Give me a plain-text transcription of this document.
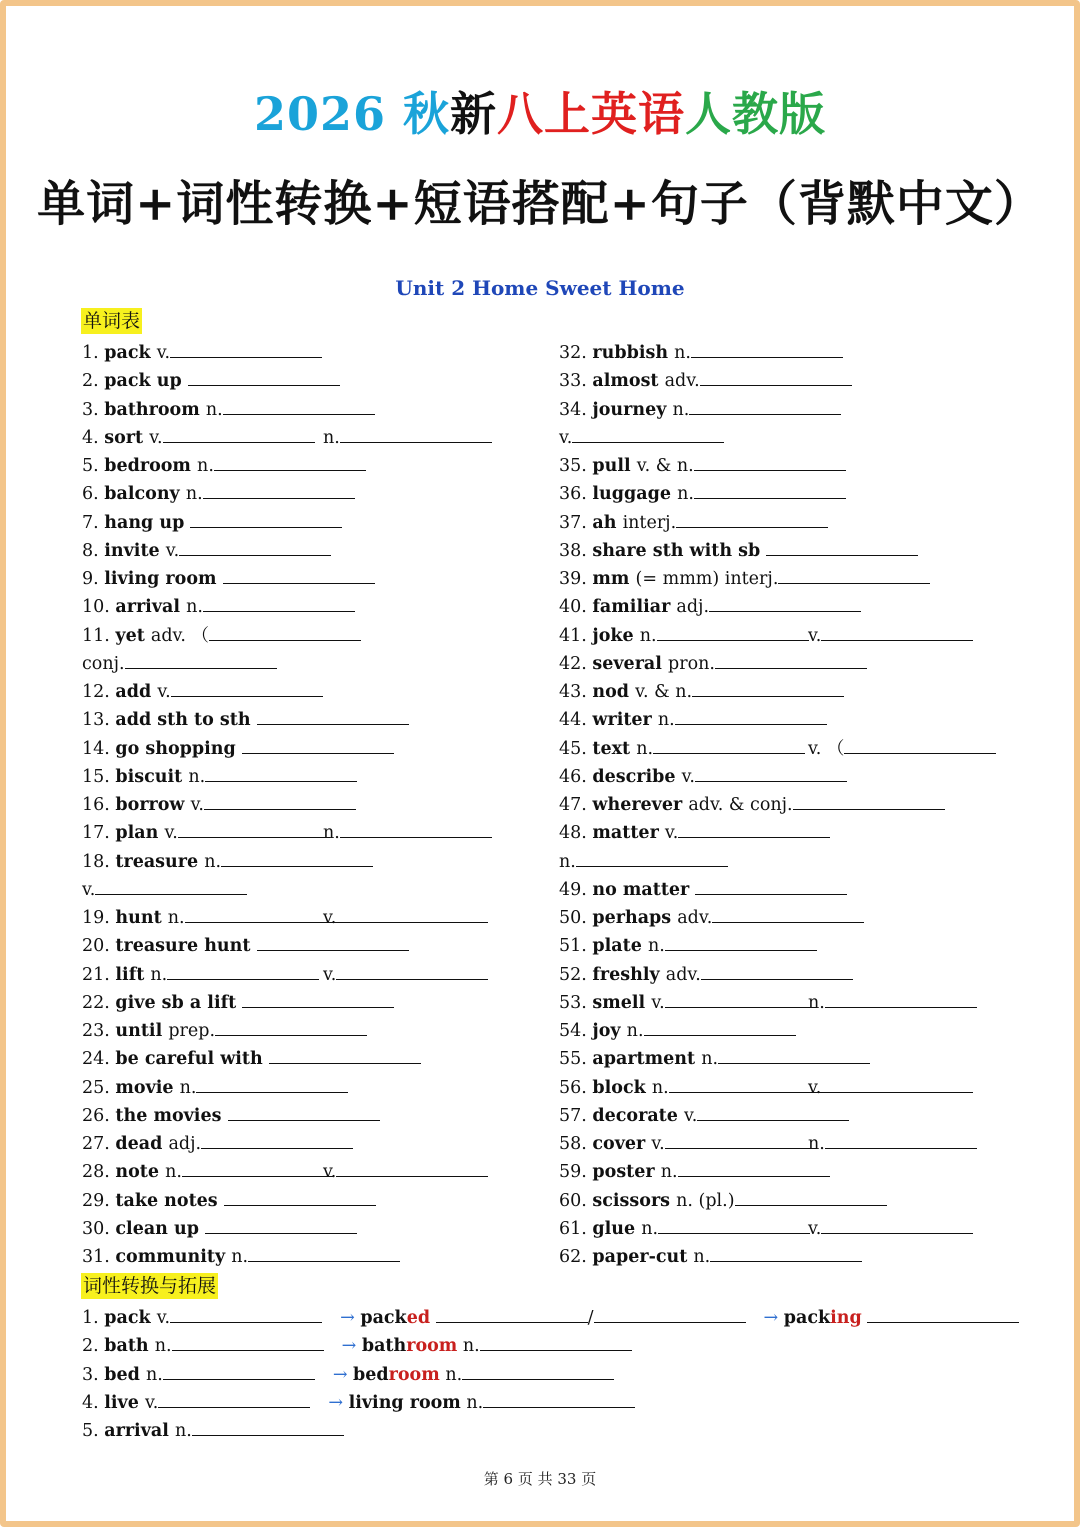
2026 秋新八上英语人教版
单词+词性转换+短语搭配+句子（背默中文）
Unit 2 Home Sweet Home
单词表
1. pack v.
2. pack up
3. bathroom n.
4. sort v.	n.
5. bedroom n.
6. balcony n.
7. hang up
8. invite v.
9. living room
10. arrival n.
11. yet adv. （
conj.
12. add v.
13. add sth to sth
14. go shopping
15. biscuit n.
16. borrow v.
17. plan v.	n.
18. treasure n.
v.
19. hunt n.	v.
20. treasure hunt
21. lift n.	v.
22. give sb a lift
23. until prep.
24. be careful with
25. movie n.
26. the movies
27. dead adj.
28. note n.	v.
29. take notes
30. clean up
31. community n.
32. rubbish n.
33. almost adv.
34. journey n.
v.
35. pull v. & n.
36. luggage n.
37. ah interj.
38. share sth with sb
39. mm (= mmm) interj.
40. familiar adj.
41. joke n.	v.
42. several pron.
43. nod v. & n.
44. writer n.
45. text n.	v. （
46. describe v.
47. wherever adv. & conj.
48. matter v.
n.
49. no matter
50. perhaps adv.
51. plate n.
52. freshly adv.
53. smell v.	n.
54. joy n.
55. apartment n.
56. block n.	v.
57. decorate v.
58. cover v.	n.
59. poster n.
60. scissors n. (pl.)
61. glue n.	v.
62. paper-cut n.
词性转换与拓展
1. pack v.	→ packed	/	→ packing
2. bath n.	→ bathroom n.
3. bed n.	→ bedroom n.
4. live v.	→ living room n.
5. arrival n.
第 6 页 共 33 页
